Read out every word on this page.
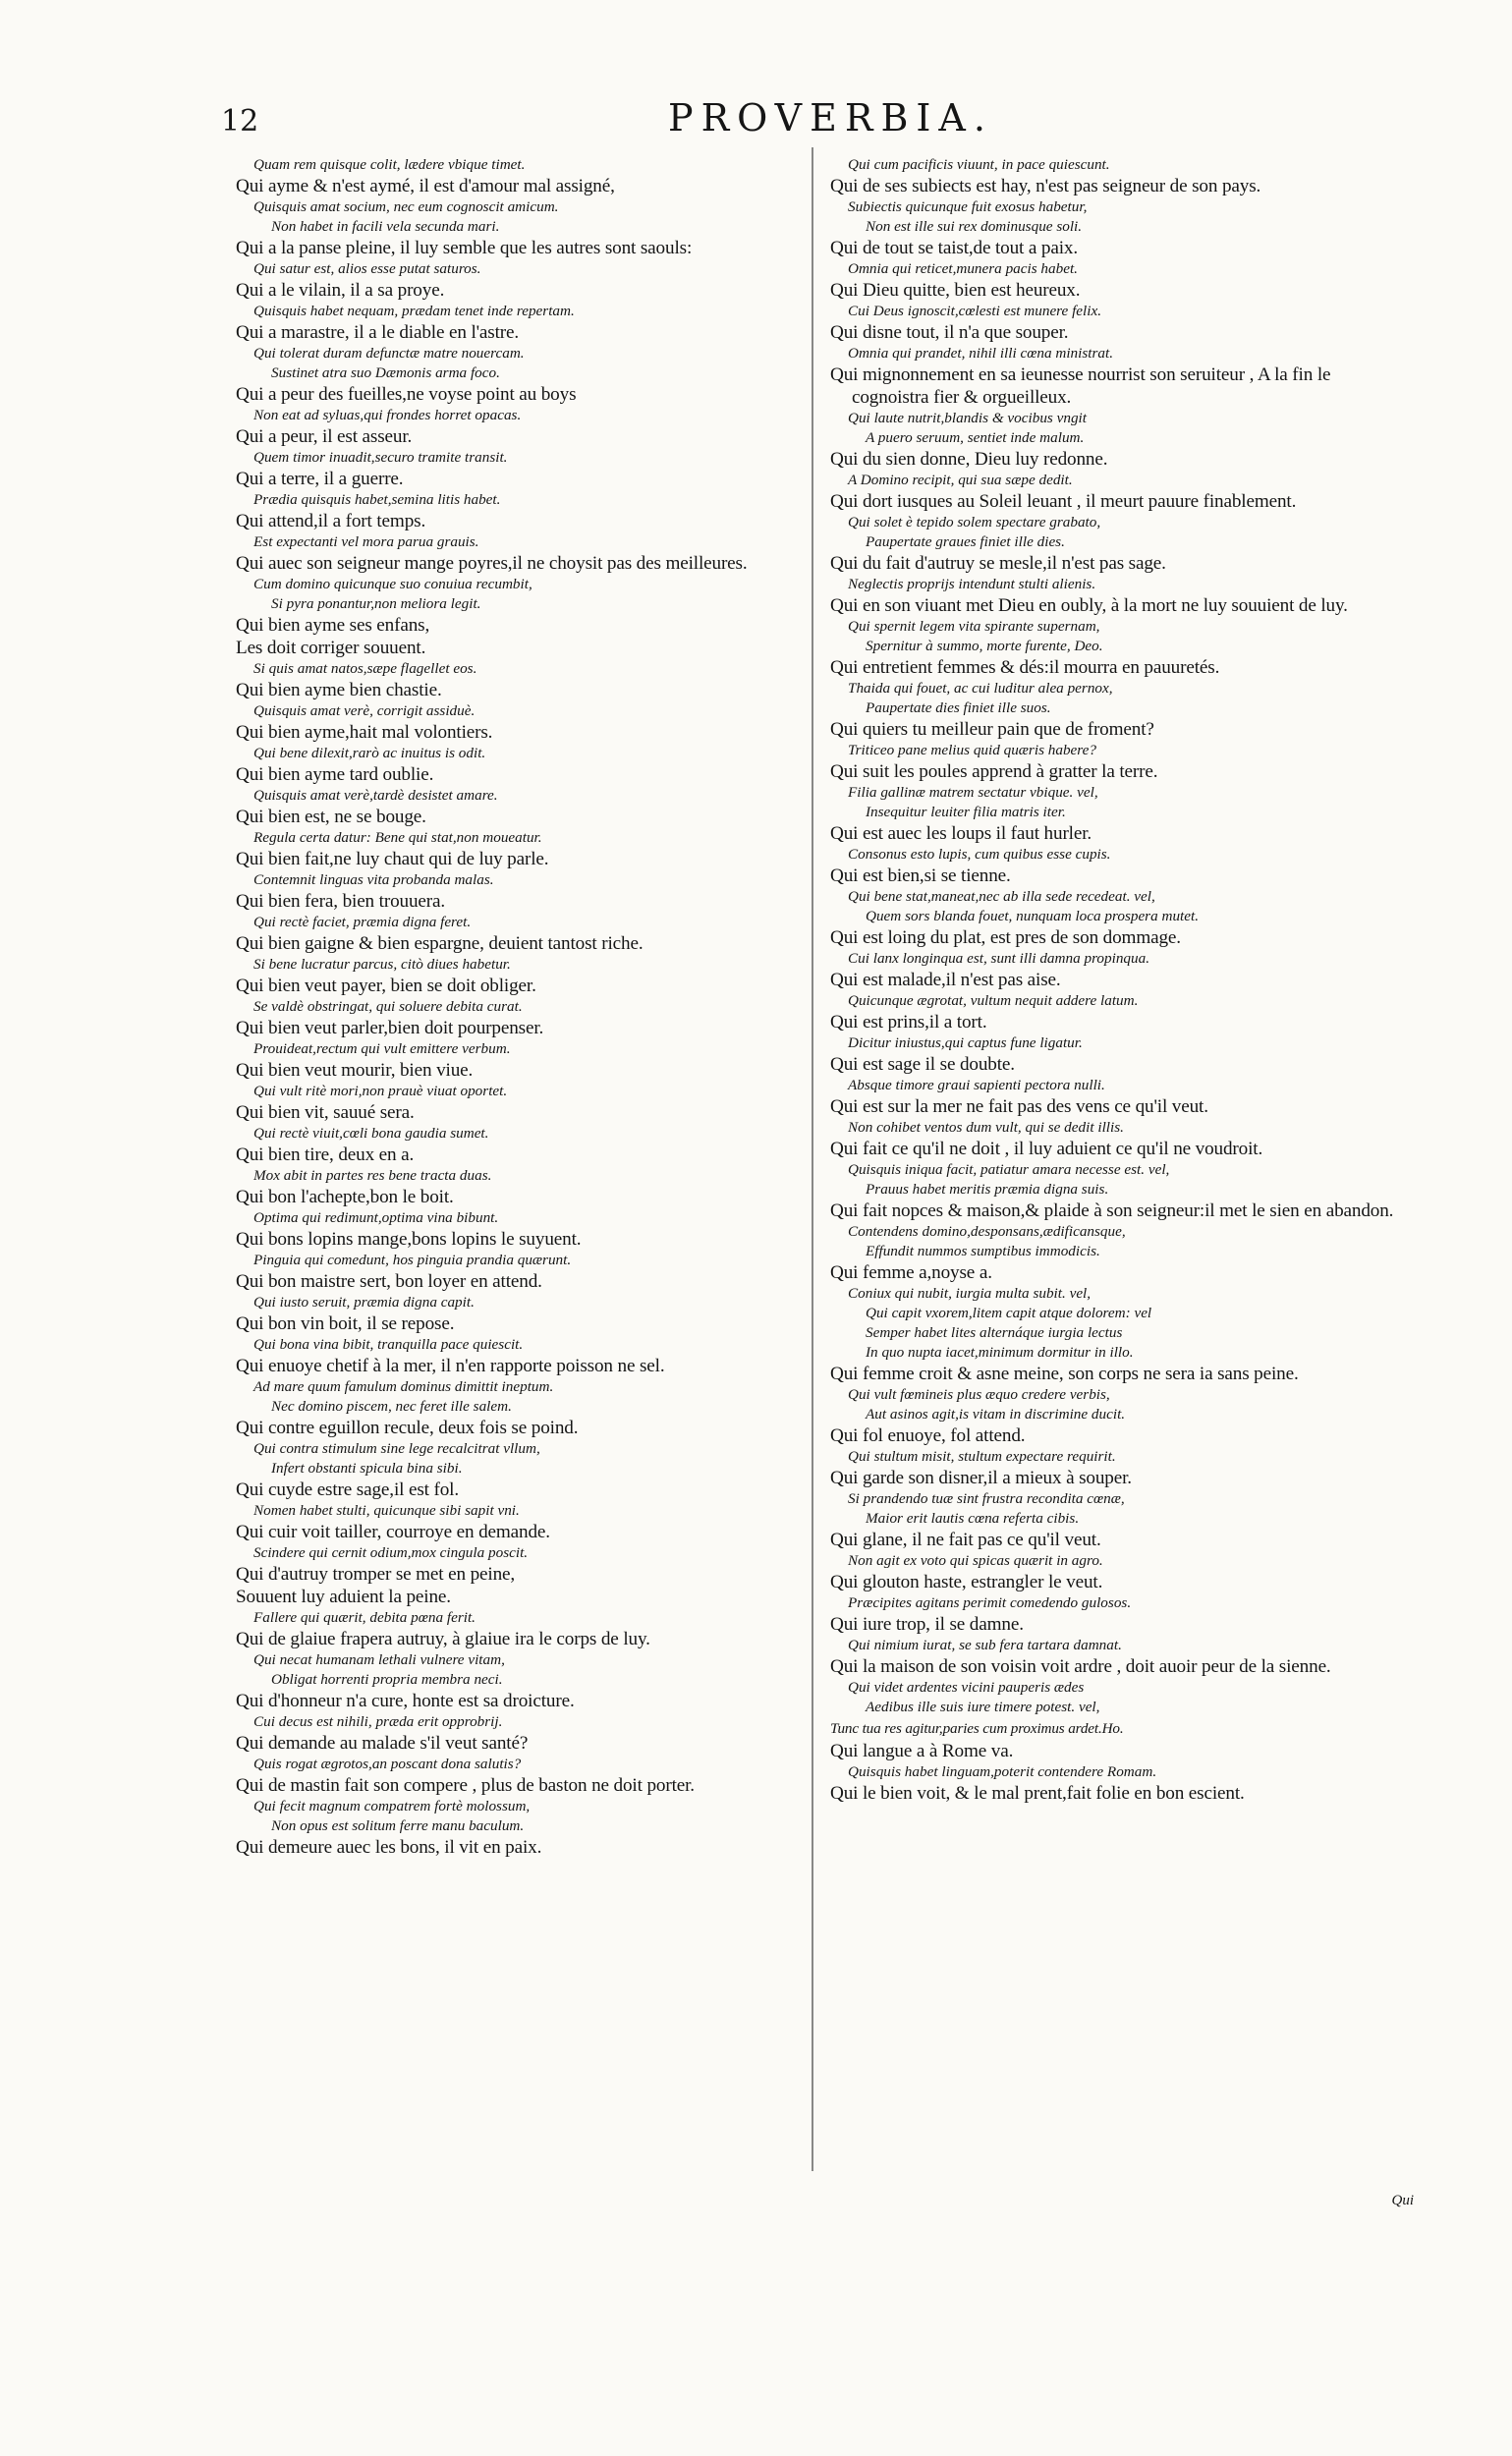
12	PROVERBIA.

Quam rem quisque colit, lædere vbique timet.

Qui ayme & n'est aymé, il est d'amour mal assigné,

Quisquis amat socium, nec eum cognoscit amicum.

Non habet in facili vela secunda mari.

Qui a la panse pleine, il luy semble que les autres sont saouls:

Qui satur est, alios esse putat saturos.

Qui a le vilain, il a sa proye.

Quisquis habet nequam, prædam tenet inde repertam.

Qui a marastre, il a le diable en l'astre.

Qui tolerat duram defunctæ matre nouercam.

Sustinet atra suo Dæmonis arma foco.

Qui a peur des fueilles,ne voyse point au boys

Non eat ad syluas,qui frondes horret opacas.

Qui a peur, il est asseur.

Quem timor inuadit,securo tramite transit.

Qui a terre, il a guerre.

Prædia quisquis habet,semina litis habet.

Qui attend,il a fort temps.

Est expectanti vel mora parua grauis.

Qui auec son seigneur mange poyres,il ne choysit pas des meilleures.

Cum domino quicunque suo conuiua recumbit,

Si pyra ponantur,non meliora legit.

Qui bien ayme ses enfans,

Les doit corriger souuent.

Si quis amat natos,sæpe flagellet eos.

Qui bien ayme bien chastie.

Quisquis amat verè, corrigit assiduè.

Qui bien ayme,hait mal volontiers.

Qui bene dilexit,rarò ac inuitus is odit.

Qui bien ayme tard oublie.

Quisquis amat verè,tardè desistet amare.

Qui bien est, ne se bouge.

Regula certa datur: Bene qui stat,non moueatur.

Qui bien fait,ne luy chaut qui de luy parle.

Contemnit linguas vita probanda malas.

Qui bien fera, bien trouuera.

Qui rectè faciet, præmia digna feret.

Qui bien gaigne & bien espargne, deuient tantost riche.

Si bene lucratur parcus, citò diues habetur.

Qui bien veut payer, bien se doit obliger.

Se valdè obstringat, qui soluere debita curat.

Qui bien veut parler,bien doit pourpenser.

Prouideat,rectum qui vult emittere verbum.

Qui bien veut mourir, bien viue.

Qui vult ritè mori,non prauè viuat oportet.

Qui bien vit, sauué sera.

Qui rectè viuit,cœli bona gaudia sumet.

Qui bien tire, deux en a.

Mox abit in partes res bene tracta duas.

Qui bon l'achepte,bon le boit.

Optima qui redimunt,optima vina bibunt.

Qui bons lopins mange,bons lopins le suyuent.

Pinguia qui comedunt, hos pinguia prandia quærunt.

Qui bon maistre sert, bon loyer en attend.

Qui iusto seruit, præmia digna capit.

Qui bon vin boit, il se repose.

Qui bona vina bibit, tranquilla pace quiescit.

Qui enuoye chetif à la mer, il n'en rapporte poisson ne sel.

Ad mare quum famulum dominus dimittit ineptum.

Nec domino piscem, nec feret ille salem.

Qui contre eguillon recule, deux fois se poind.

Qui contra stimulum sine lege recalcitrat vllum,

Infert obstanti spicula bina sibi.

Qui cuyde estre sage,il est fol.

Nomen habet stulti, quicunque sibi sapit vni.

Qui cuir voit tailler, courroye en demande.

Scindere qui cernit odium,mox cingula poscit.

Qui d'autruy tromper se met en peine,

Souuent luy aduient la peine.

Fallere qui quærit, debita pœna ferit.

Qui de glaiue frapera autruy, à glaiue ira le corps de luy.

Qui necat humanam lethali vulnere vitam,

Obligat horrenti propria membra neci.

Qui d'honneur n'a cure, honte est sa droicture.

Cui decus est nihili, præda erit opprobrij.

Qui demande au malade s'il veut santé?

Quis rogat ægrotos,an poscant dona salutis?

Qui de mastin fait son compere , plus de baston ne doit porter.

Qui fecit magnum compatrem fortè molossum,

Non opus est solitum ferre manu baculum.

Qui demeure auec les bons, il vit en paix.

Qui cum pacificis viuunt, in pace quiescunt.

Qui de ses subiects est hay, n'est pas seigneur de son pays.

Subiectis quicunque fuit exosus habetur,

Non est ille sui rex dominusque soli.

Qui de tout se taist,de tout a paix.

Omnia qui reticet,munera pacis habet.

Qui Dieu quitte, bien est heureux.

Cui Deus ignoscit,cœlesti est munere felix.

Qui disne tout, il n'a que souper.

Omnia qui prandet, nihil illi cœna ministrat.

Qui mignonnement en sa ieunesse nourrist son seruiteur , A la fin le cognoistra fier & orgueilleux.

Qui laute nutrit,blandis & vocibus vngit

A puero seruum, sentiet inde malum.

Qui du sien donne, Dieu luy redonne.

A Domino recipit, qui sua sæpe dedit.

Qui dort iusques au Soleil leuant , il meurt pauure finablement.

Qui solet è tepido solem spectare grabato,

Paupertate graues finiet ille dies.

Qui du fait d'autruy se mesle,il n'est pas sage.

Neglectis proprijs intendunt stulti alienis.

Qui en son viuant met Dieu en oubly, à la mort ne luy souuient de luy.

Qui spernit legem vita spirante supernam,

Spernitur à summo, morte furente, Deo.

Qui entretient femmes & dés:il mourra en pauuretés.

Thaida qui fouet, ac cui luditur alea pernox,

Paupertate dies finiet ille suos.

Qui quiers tu meilleur pain que de froment?

Triticeo pane melius quid quæris habere?

Qui suit les poules apprend à gratter la terre.

Filia gallinæ matrem sectatur vbique. vel,

Insequitur leuiter filia matris iter.

Qui est auec les loups il faut hurler.

Consonus esto lupis, cum quibus esse cupis.

Qui est bien,si se tienne.

Qui bene stat,maneat,nec ab illa sede recedeat. vel,

Quem sors blanda fouet, nunquam loca prospera mutet.

Qui est loing du plat, est pres de son dommage.

Cui lanx longinqua est, sunt illi damna propinqua.

Qui est malade,il n'est pas aise.

Quicunque ægrotat, vultum nequit addere latum.

Qui est prins,il a tort.

Dicitur iniustus,qui captus fune ligatur.

Qui est sage il se doubte.

Absque timore graui sapienti pectora nulli.

Qui est sur la mer ne fait pas des vens ce qu'il veut.

Non cohibet ventos dum vult, qui se dedit illis.

Qui fait ce qu'il ne doit , il luy aduient ce qu'il ne voudroit.

Quisquis iniqua facit, patiatur amara necesse est. vel,

Prauus habet meritis præmia digna suis.

Qui fait nopces & maison,& plaide à son seigneur:il met le sien en abandon.

Contendens domino,desponsans,ædificansque,

Effundit nummos sumptibus immodicis.

Qui femme a,noyse a.

Coniux qui nubit, iurgia multa subit. vel,

Qui capit vxorem,litem capit atque dolorem: vel

Semper habet lites alternáque iurgia lectus

In quo nupta iacet,minimum dormitur in illo.

Qui femme croit & asne meine, son corps ne sera ia sans peine.

Qui vult fœmineis plus æquo credere verbis,

Aut asinos agit,is vitam in discrimine ducit.

Qui fol enuoye, fol attend.

Qui stultum misit, stultum expectare requirit.

Qui garde son disner,il a mieux à souper.

Si prandendo tuæ sint frustra recondita cœnæ,

Maior erit lautis cœna referta cibis.

Qui glane, il ne fait pas ce qu'il veut.

Non agit ex voto qui spicas quærit in agro.

Qui glouton haste, estrangler le veut.

Præcipites agitans perimit comedendo gulosos.

Qui iure trop, il se damne.

Qui nimium iurat, se sub fera tartara damnat.

Qui la maison de son voisin voit ardre , doit auoir peur de la sienne.

Qui videt ardentes vicini pauperis ædes

Aedibus ille suis iure timere potest. vel,

Tunc tua res agitur,paries cum proximus ardet.Ho.

Qui langue a à Rome va.

Quisquis habet linguam,poterit contendere Romam.

Qui le bien voit, & le mal prent,fait folie en bon escient.

Qui
